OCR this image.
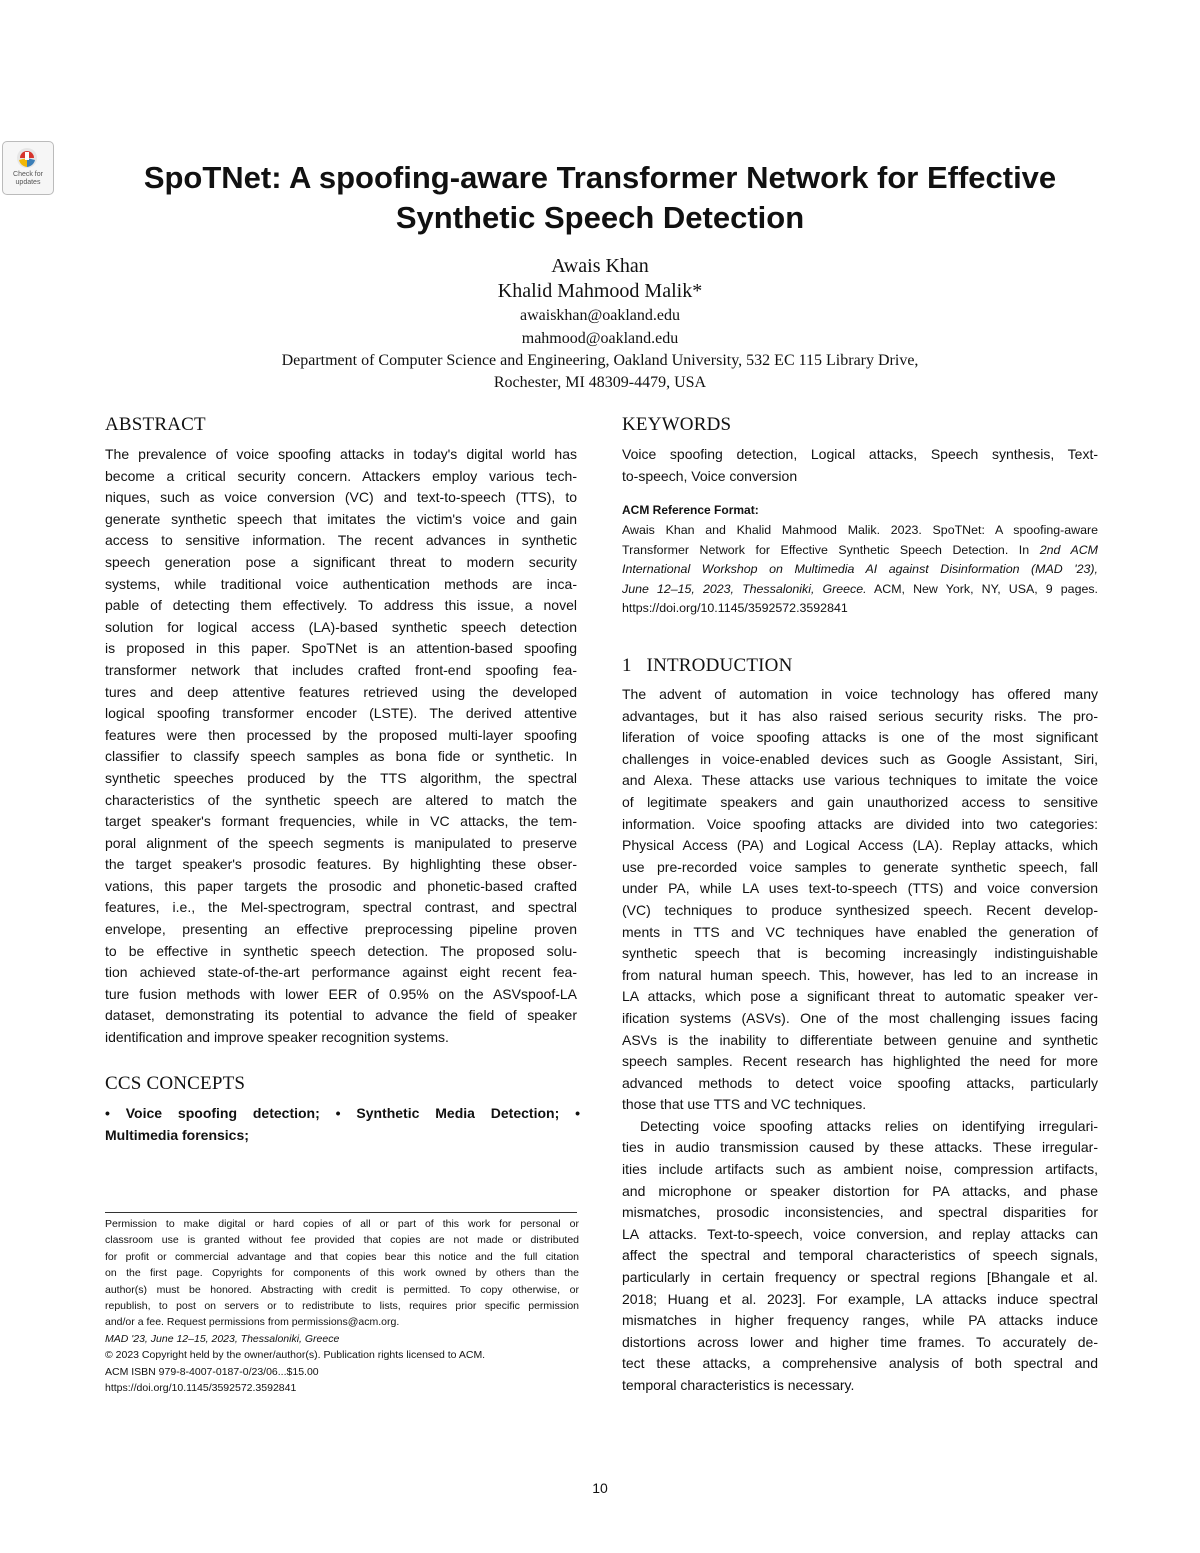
Check for
updates	SpoTNet: A spoofing-aware Transformer Network for Effective
Synthetic Speech Detection
Awais Khan
Khalid Mahmood Malik*
awaiskhan@oakland.edu
mahmood@oakland.edu
Department of Computer Science and Engineering, Oakland University, 532 EC 115 Library Drive,
Rochester, MI 48309-4479, USA
ABSTRACT
The prevalence of voice spoofing attacks in today's digital world has
become a critical security concern. Attackers employ various tech-
niques, such as voice conversion (VC) and text-to-speech (TTS), to
generate synthetic speech that imitates the victim's voice and gain
access to sensitive information. The recent advances in synthetic
speech generation pose a significant threat to modern security
systems, while traditional voice authentication methods are inca-
pable of detecting them effectively. To address this issue, a novel
solution for logical access (LA)-based synthetic speech detection
is proposed in this paper. SpoTNet is an attention-based spoofing
transformer network that includes crafted front-end spoofing fea-
tures and deep attentive features retrieved using the developed
logical spoofing transformer encoder (LSTE). The derived attentive
features were then processed by the proposed multi-layer spoofing
classifier to classify speech samples as bona fide or synthetic. In
synthetic speeches produced by the TTS algorithm, the spectral
characteristics of the synthetic speech are altered to match the
target speaker's formant frequencies, while in VC attacks, the tem-
poral alignment of the speech segments is manipulated to preserve
the target speaker's prosodic features. By highlighting these obser-
vations, this paper targets the prosodic and phonetic-based crafted
features, i.e., the Mel-spectrogram, spectral contrast, and spectral
envelope, presenting an effective preprocessing pipeline proven
to be effective in synthetic speech detection. The proposed solu-
tion achieved state-of-the-art performance against eight recent fea-
ture fusion methods with lower EER of 0.95% on the ASVspoof-LA
dataset, demonstrating its potential to advance the field of speaker
identification and improve speaker recognition systems.
CCS CONCEPTS
• Voice spoofing detection; • Synthetic Media Detection; •
Multimedia forensics;
Permission to make digital or hard copies of all or part of this work for personal or
classroom use is granted without fee provided that copies are not made or distributed
for profit or commercial advantage and that copies bear this notice and the full citation
on the first page. Copyrights for components of this work owned by others than the
author(s) must be honored. Abstracting with credit is permitted. To copy otherwise, or
republish, to post on servers or to redistribute to lists, requires prior specific permission
and/or a fee. Request permissions from permissions@acm.org.
MAD '23, June 12–15, 2023, Thessaloniki, Greece
© 2023 Copyright held by the owner/author(s). Publication rights licensed to ACM.
ACM ISBN 979-8-4007-0187-0/23/06...$15.00
https://doi.org/10.1145/3592572.3592841
KEYWORDS
Voice spoofing detection, Logical attacks, Speech synthesis, Text-
to-speech, Voice conversion
ACM Reference Format:
Awais Khan and Khalid Mahmood Malik. 2023. SpoTNet: A spoofing-aware
Transformer Network for Effective Synthetic Speech Detection. In 2nd ACM
International Workshop on Multimedia AI against Disinformation (MAD '23),
June 12–15, 2023, Thessaloniki, Greece. ACM, New York, NY, USA, 9 pages.
https://doi.org/10.1145/3592572.3592841
1   INTRODUCTION
The advent of automation in voice technology has offered many
advantages, but it has also raised serious security risks. The pro-
liferation of voice spoofing attacks is one of the most significant
challenges in voice-enabled devices such as Google Assistant, Siri,
and Alexa. These attacks use various techniques to imitate the voice
of legitimate speakers and gain unauthorized access to sensitive
information. Voice spoofing attacks are divided into two categories:
Physical Access (PA) and Logical Access (LA). Replay attacks, which
use pre-recorded voice samples to generate synthetic speech, fall
under PA, while LA uses text-to-speech (TTS) and voice conversion
(VC) techniques to produce synthesized speech. Recent develop-
ments in TTS and VC techniques have enabled the generation of
synthetic speech that is becoming increasingly indistinguishable
from natural human speech. This, however, has led to an increase in
LA attacks, which pose a significant threat to automatic speaker ver-
ification systems (ASVs). One of the most challenging issues facing
ASVs is the inability to differentiate between genuine and synthetic
speech samples. Recent research has highlighted the need for more
advanced methods to detect voice spoofing attacks, particularly
those that use TTS and VC techniques.
Detecting voice spoofing attacks relies on identifying irregulari-
ties in audio transmission caused by these attacks. These irregular-
ities include artifacts such as ambient noise, compression artifacts,
and microphone or speaker distortion for PA attacks, and phase
mismatches, prosodic inconsistencies, and spectral disparities for
LA attacks. Text-to-speech, voice conversion, and replay attacks can
affect the spectral and temporal characteristics of speech signals,
particularly in certain frequency or spectral regions [Bhangale et al.
2018; Huang et al. 2023]. For example, LA attacks induce spectral
mismatches in higher frequency ranges, while PA attacks induce
distortions across lower and higher time frames. To accurately de-
tect these attacks, a comprehensive analysis of both spectral and
temporal characteristics is necessary.
10
